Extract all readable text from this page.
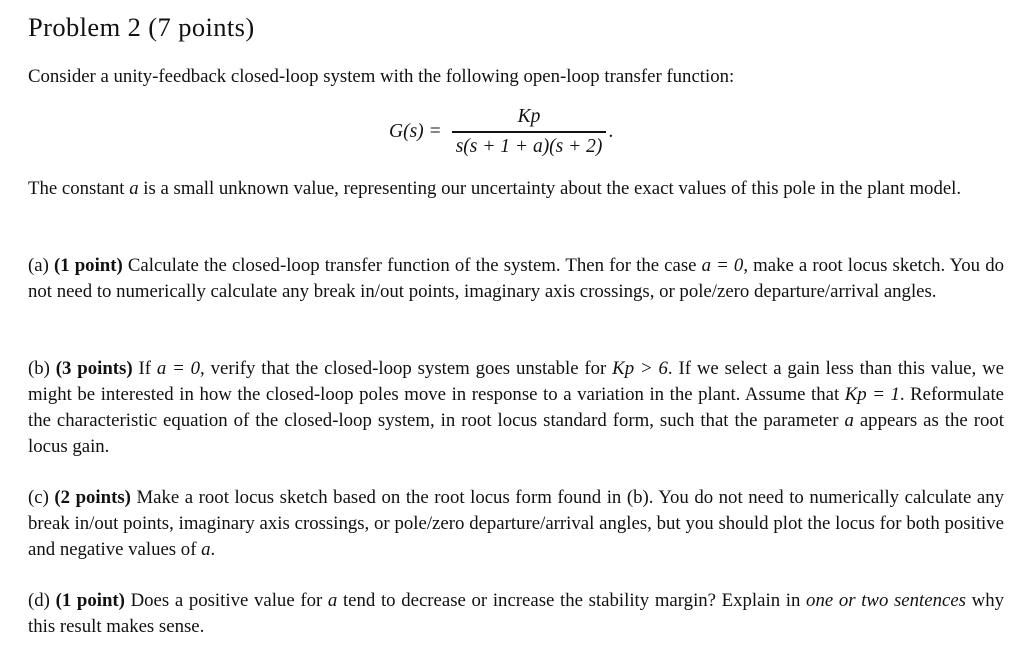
Problem 2 (7 points)
Consider a unity-feedback closed-loop system with the following open-loop transfer function:
$G(s) = \frac{Kp}{s(s + 1 + a)(s + 2)}$ .
The constant a is a small unknown value, representing our uncertainty about the exact values of this pole in the plant model.
(a) (1 point) Calculate the closed-loop transfer function of the system. Then for the case a = 0, make a root locus sketch. You do not need to numerically calculate any break in/out points, imaginary axis crossings, or pole/zero departure/arrival angles.
(b) (3 points) If a = 0, verify that the closed-loop system goes unstable for Kp > 6. If we select a gain less than this value, we might be interested in how the closed-loop poles move in response to a variation in the plant. Assume that Kp = 1. Reformulate the characteristic equation of the closed-loop system, in root locus standard form, such that the parameter a appears as the root locus gain.
(c) (2 points) Make a root locus sketch based on the root locus form found in (b). You do not need to numerically calculate any break in/out points, imaginary axis crossings, or pole/zero departure/arrival angles, but you should plot the locus for both positive and negative values of a.
(d) (1 point) Does a positive value for a tend to decrease or increase the stability margin? Explain in one or two sentences why this result makes sense.
